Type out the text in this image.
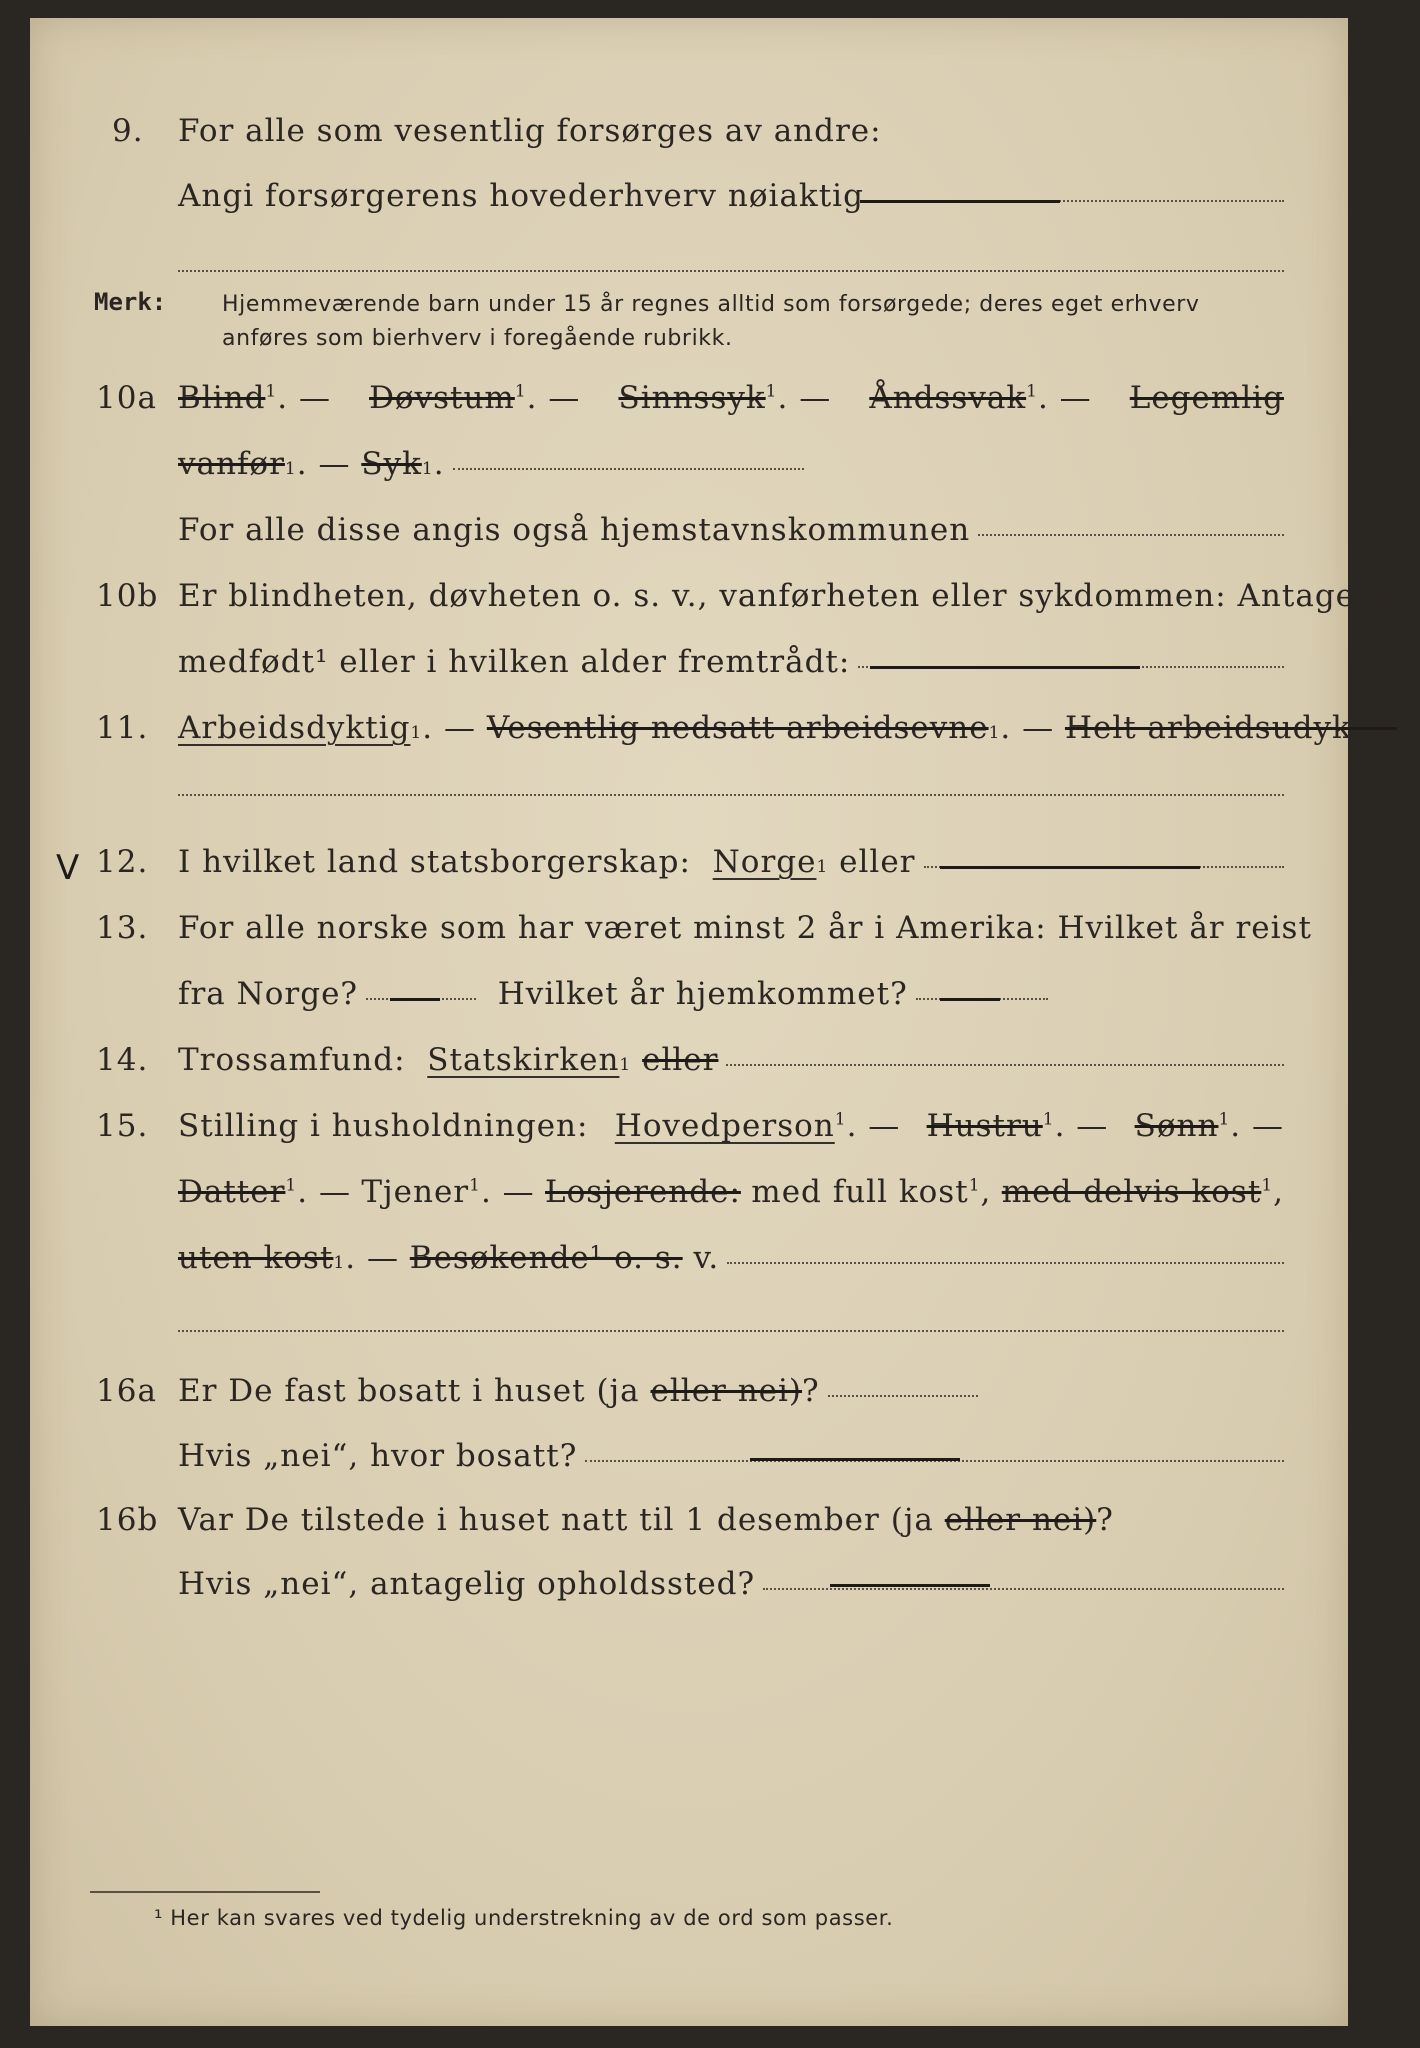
V
9. For alle som vesentlig forsørges av andre:
Angi forsørgerens hovederhverv nøiaktig
Merk:	Hjemmeværende barn under 15 år regnes alltid som forsørgede; deres eget erhverv anføres som bierhverv i foregående rubrikk.
10a Blind$^1$. — Døvstum$^1$. — Sinnssyk$^1$. — Åndssvak$^1$. — Legemlig
vanfør 1 . — Syk 1 .
For alle disse angis også hjemstavnskommunen
10b Er blindheten, døvheten o. s. v., vanførheten eller sykdommen: Antagelig
medfødt¹ eller i hvilken alder fremtrådt:
11. Arbeidsdyktig 1 . — Vesentlig nedsatt arbeidsevne 1 . — Helt arbeidsudyktig 1 .
12. I hvilket land statsborgerskap:
Norge 1
eller
13. For alle norske som har været minst 2 år i Amerika: Hvilket år reist
fra Norge?
	Hvilket år hjemkommet?
14. Trossamfund:
Statskirken 1
eller
15. Stilling i husholdningen: Hovedperson$^1$. — Hustru$^1$. — Sønn$^1$. —
Datter$^1$. — Tjener$^1$. — Losjerende: med full kost$^1$, med delvis kost$^1$,
uten kost 1 . — Besøkende¹ o. s.
v.
16a Er De fast bosatt i huset (ja
eller nei) ?
Hvis „nei“, hvor bosatt?
16b Var De tilstede i huset natt til 1 desember (ja
eller nei) ?
Hvis „nei“, antagelig opholdssted?
¹ Her kan svares ved tydelig understrekning av de ord som passer.
